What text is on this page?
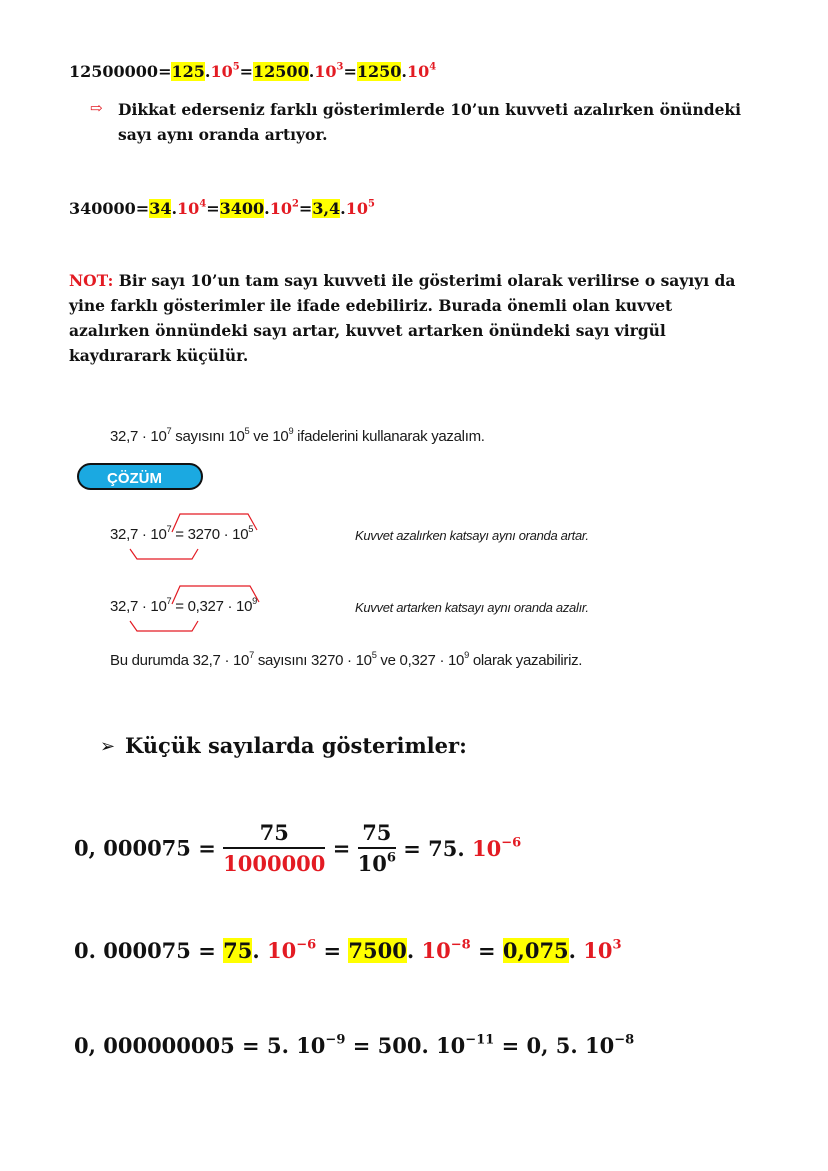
$12500000=125.10^5=12500.10^3=1250.10^4$
⇨ Dikkat ederseniz farklı gösterimlerde 10’un kuvveti azalırken önündeki
sayı aynı oranda artıyor.
$340000=34.10^4=3400.10^2=3,4.10^5$
NOT: Bir sayı 10’un tam sayı kuvveti ile gösterimi olarak verilirse o sayıyı da
yine farklı gösterimler ile ifade edebiliriz. Burada önemli olan kuvvet
azalırken önnündeki sayı artar, kuvvet artarken önündeki sayı virgül
kaydırarark küçülür.
$32,7 \cdot 10^7$ sayısını $10^5$ ve $10^9$ ifadelerini kullanarak yazalım.
ÇÖZÜM
$32,7 \cdot 10^7 = 3270 \cdot 10^5$	Kuvvet azalırken katsayı aynı oranda artar.
$32,7 \cdot 10^7 = 0,327 \cdot 10^9$	Kuvvet artarken katsayı aynı oranda azalır.
Bu durumda $32,7 \cdot 10^7$ sayısını $3270 \cdot 10^5$ ve $0,327 \cdot 10^9$ olarak yazabiliriz.
➢ Küçük sayılarda gösterimler:
0, $000075 = \frac{75}{1000000} = \frac{75}{10^6} = 75$. $10^{-6}$
0. 000075 = 75. $10^{-6} = 7500$. $10^{-8} = 0,075$. $10^3$
0, 000000005 = 5. $10^{-9} = 500$. $10^{-11} = 0$, 5. $10^{-8}$
